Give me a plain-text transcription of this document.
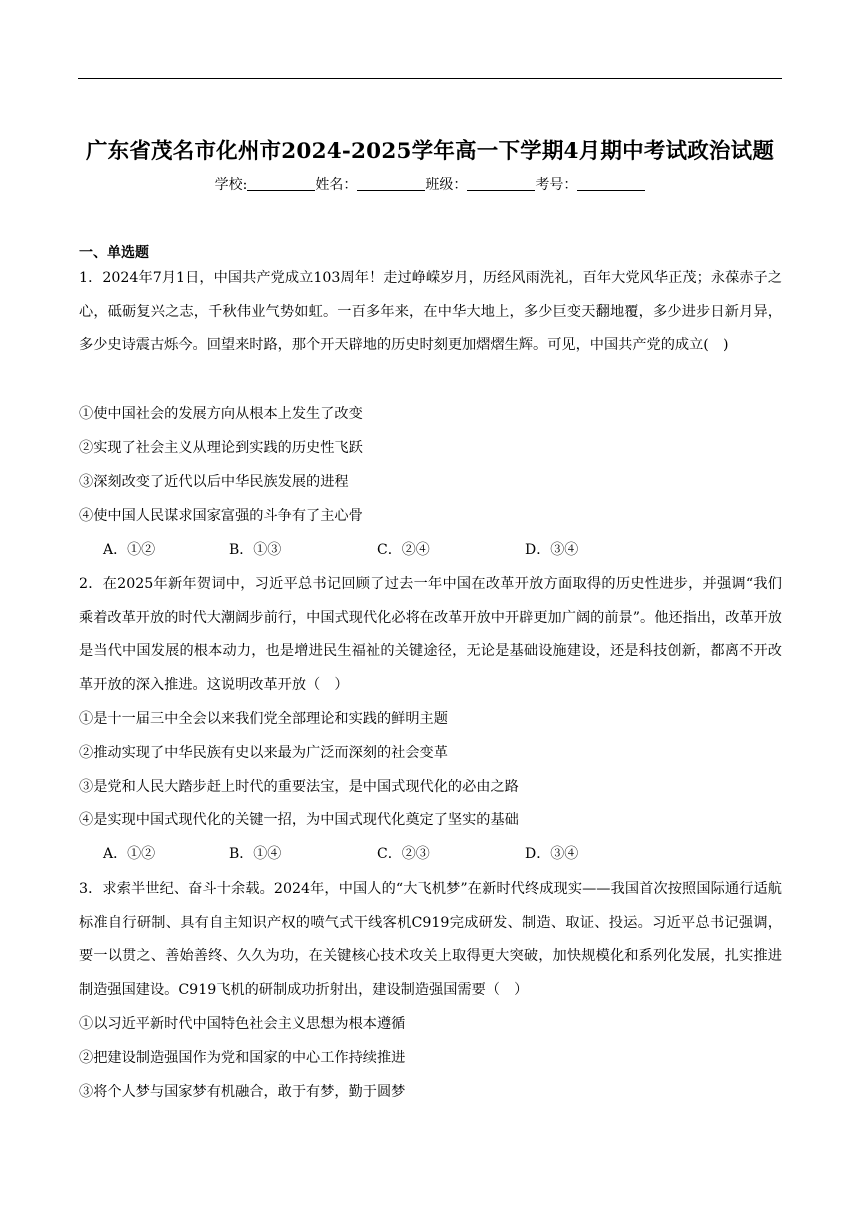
广东省茂名市化州市2024-2025学年高一下学期4月期中考试政治试题
学校:	姓名：	班级：	考号：
一、单选题
1．2024年7月1日，中国共产党成立103周年！走过峥嵘岁月，历经风雨洗礼，百年大党风华正茂；永葆赤子之心，砥砺复兴之志，千秋伟业气势如虹。一百多年来，在中华大地上，多少巨变天翻地覆，多少进步日新月异，多少史诗震古烁今。回望来时路，那个开天辟地的历史时刻更加熠熠生辉。可见，中国共产党的成立(　)
①使中国社会的发展方向从根本上发生了改变
②实现了社会主义从理论到实践的历史性飞跃
③深刻改变了近代以后中华民族发展的进程
④使中国人民谋求国家富强的斗争有了主心骨
A．①②	B．①③	C．②④	D．③④
2．在2025年新年贺词中，习近平总书记回顾了过去一年中国在改革开放方面取得的历史性进步，并强调“我们乘着改革开放的时代大潮阔步前行，中国式现代化必将在改革开放中开辟更加广阔的前景”。他还指出，改革开放是当代中国发展的根本动力，也是增进民生福祉的关键途径，无论是基础设施建设，还是科技创新，都离不开改革开放的深入推进。这说明改革开放（　）
①是十一届三中全会以来我们党全部理论和实践的鲜明主题
②推动实现了中华民族有史以来最为广泛而深刻的社会变革
③是党和人民大踏步赶上时代的重要法宝，是中国式现代化的必由之路
④是实现中国式现代化的关键一招，为中国式现代化奠定了坚实的基础
A．①②	B．①④	C．②③	D．③④
3．求索半世纪、奋斗十余载。2024年，中国人的“大飞机梦”在新时代终成现实——我国首次按照国际通行适航标准自行研制、具有自主知识产权的喷气式干线客机C919完成研发、制造、取证、投运。习近平总书记强调，要一以贯之、善始善终、久久为功，在关键核心技术攻关上取得更大突破，加快规模化和系列化发展，扎实推进制造强国建设。C919飞机的研制成功折射出，建设制造强国需要（　）
①以习近平新时代中国特色社会主义思想为根本遵循
②把建设制造强国作为党和国家的中心工作持续推进
③将个人梦与国家梦有机融合，敢于有梦，勤于圆梦
